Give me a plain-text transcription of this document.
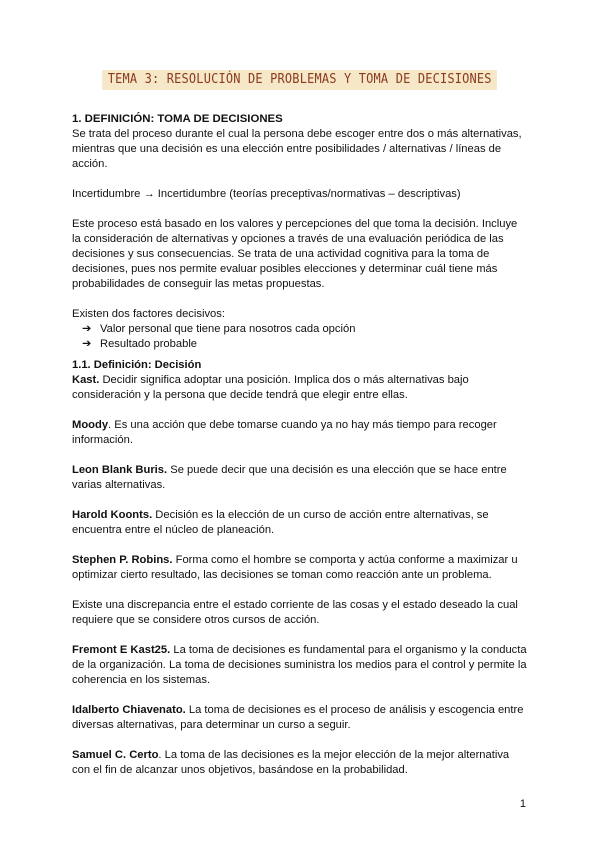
TEMA 3: RESOLUCIÓN DE PROBLEMAS Y TOMA DE DECISIONES
1. DEFINICIÓN: TOMA DE DECISIONES

Se trata del proceso durante el cual la persona debe escoger entre dos o más alternativas, mientras que una decisión es una elección entre posibilidades / alternativas / líneas de acción.

Incertidumbre → Incertidumbre (teorías preceptivas/normativas – descriptivas)

Este proceso está basado en los valores y percepciones del que toma la decisión. Incluye la consideración de alternativas y opciones a través de una evaluación periódica de las decisiones y sus consecuencias. Se trata de una actividad cognitiva para la toma de decisiones, pues nos permite evaluar posibles elecciones y determinar cuál tiene más probabilidades de conseguir las metas propuestas.

Existen dos factores decisivos:

➔ Valor personal que tiene para nosotros cada opción
➔ Resultado probable
1.1. Definición: Decisión

Kast. Decidir significa adoptar una posición. Implica dos o más alternativas bajo consideración y la persona que decide tendrá que elegir entre ellas.

Moody. Es una acción que debe tomarse cuando ya no hay más tiempo para recoger información.

Leon Blank Buris. Se puede decir que una decisión es una elección que se hace entre varias alternativas.

Harold Koonts. Decisión es la elección de un curso de acción entre alternativas, se encuentra entre el núcleo de planeación.

Stephen P. Robins. Forma como el hombre se comporta y actúa conforme a maximizar u optimizar cierto resultado, las decisiones se toman como reacción ante un problema.

Existe una discrepancia entre el estado corriente de las cosas y el estado deseado la cual requiere que se considere otros cursos de acción.

Fremont E Kast25. La toma de decisiones es fundamental para el organismo y la conducta de la organización. La toma de decisiones suministra los medios para el control y permite la coherencia en los sistemas.

Idalberto Chiavenato. La toma de decisiones es el proceso de análisis y escogencia entre diversas alternativas, para determinar un curso a seguir.

Samuel C. Certo. La toma de las decisiones es la mejor elección de la mejor alternativa con el fin de alcanzar unos objetivos, basándose en la probabilidad.

1
